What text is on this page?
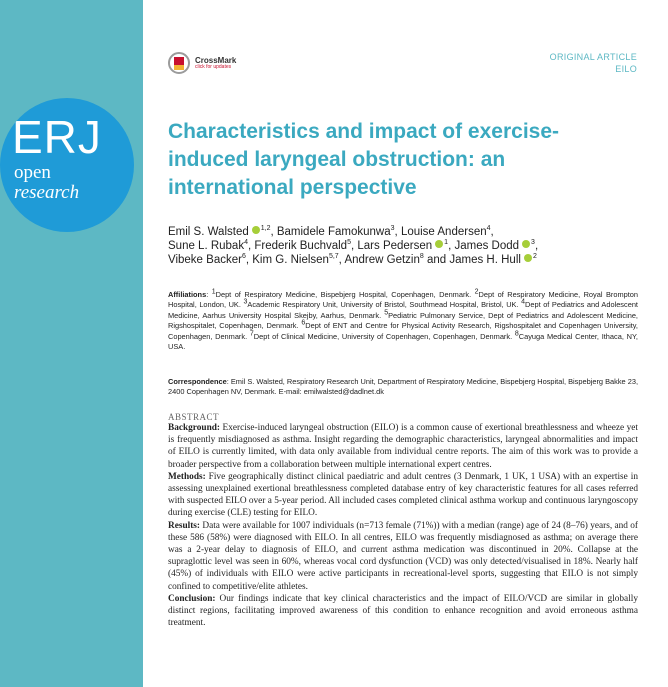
ERJ
open
research
CrossMark
click for updates
ORIGINAL ARTICLE
EILO
Characteristics and impact of exercise-induced laryngeal obstruction: an international perspective
Emil S. Walsted $^{1,2}$, Bamidele Famokunwa$^3$, Louise Andersen$^4$,
Sune L. Rubak$^4$, Frederik Buchvald$^5$, Lars Pedersen $^1$, James Dodd $^3$,
Vibeke Backer$^6$, Kim G. Nielsen$^{5,7}$, Andrew Getzin$^8$ and James H. Hull $^2$
Affiliations: 1Dept of Respiratory Medicine, Bispebjerg Hospital, Copenhagen, Denmark. 2Dept of Respiratory Medicine, Royal Brompton Hospital, London, UK. 3Academic Respiratory Unit, University of Bristol, Southmead Hospital, Bristol, UK. 4Dept of Pediatrics and Adolescent Medicine, Aarhus University Hospital Skejby, Aarhus, Denmark. 5Pediatric Pulmonary Service, Dept of Pediatrics and Adolescent Medicine, Rigshospitalet, Copenhagen, Denmark. 6Dept of ENT and Centre for Physical Activity Research, Rigshospitalet and Copenhagen University, Copenhagen, Denmark. 7Dept of Clinical Medicine, University of Copenhagen, Copenhagen, Denmark. 8Cayuga Medical Center, Ithaca, NY, USA.
Correspondence: Emil S. Walsted, Respiratory Research Unit, Department of Respiratory Medicine, Bispebjerg Hospital, Bispebjerg Bakke 23, 2400 Copenhagen NV, Denmark. E-mail: emilwalsted@dadlnet.dk
ABSTRACT

Background: Exercise-induced laryngeal obstruction (EILO) is a common cause of exertional breathlessness and wheeze yet is frequently misdiagnosed as asthma. Insight regarding the demographic characteristics, laryngeal abnormalities and impact of EILO is currently limited, with data only available from individual centre reports. The aim of this work was to provide a broader perspective from a collaboration between multiple international expert centres.

Methods: Five geographically distinct clinical paediatric and adult centres (3 Denmark, 1 UK, 1 USA) with an expertise in assessing unexplained exertional breathlessness completed database entry of key characteristic features for all cases referred with suspected EILO over a 5-year period. All included cases completed clinical asthma workup and continuous laryngoscopy during exercise (CLE) testing for EILO.

Results: Data were available for 1007 individuals (n=713 female (71%)) with a median (range) age of 24 (8–76) years, and of these 586 (58%) were diagnosed with EILO. In all centres, EILO was frequently misdiagnosed as asthma; on average there was a 2-year delay to diagnosis of EILO, and current asthma medication was discontinued in 20%. Collapse at the supraglottic level was seen in 60%, whereas vocal cord dysfunction (VCD) was only detected/visualised in 18%. Nearly half (45%) of individuals with EILO were active participants in recreational-level sports, suggesting that EILO is not simply confined to competitive/elite athletes.

Conclusion: Our findings indicate that key clinical characteristics and the impact of EILO/VCD are similar in globally distinct regions, facilitating improved awareness of this condition to enhance recognition and avoid erroneous asthma treatment.
